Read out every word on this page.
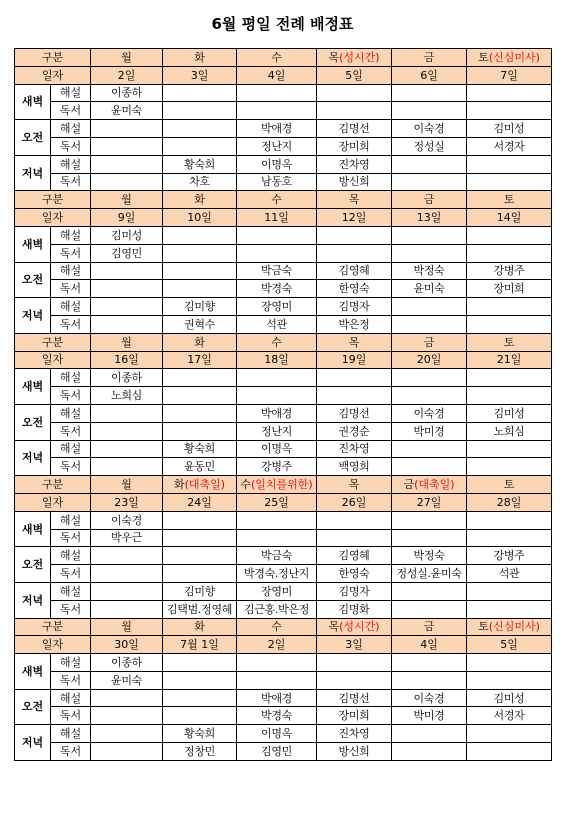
6월 평일 전례 배정표
구분		월	화	수	목(성시간)	금	토(신심미사)
일자		2일	3일	4일	5일	6일	7일
새벽	해설	이종하					
	독서	윤미숙					
오전	해설			박애경	김명선	이숙경	김미성
	독서			정난지	장미희	정성실	서경자
저녁	해설		황숙희	이명옥	진차영		
	독서		차호	남동호	방신희		
구분		월	화	수	목	금	토
일자		9일	10일	11일	12일	13일	14일
새벽	해설	김미성					
	독서	김영민					
오전	해설			박금숙	김영혜	박정숙	강병주
	독서			박경숙	한영숙	윤미숙	장미희
저녁	해설		김미향	장영미	김명자		
	독서		권혁수	석관	박은정		
구분		월	화	수	목	금	토
일자		16일	17일	18일	19일	20일	21일
새벽	해설	이종하					
	독서	노희심					
오전	해설			박애경	김명선	이숙경	김미성
	독서			정난지	권경순	박미경	노희심
저녁	해설		황숙희	이명옥	진차영		
	독서		윤동민	강병주	백영희		
구분		월	화(대축일)	수(일치를위한)	목	금(대축일)	토
일자		23일	24일	25일	26일	27일	28일
새벽	해설	이숙경					
	독서	박우근					
오전	해설			박금숙	김영혜	박정숙	강병주
	독서			박경숙.정난지	한영숙	정성실.윤미숙	석관
저녁	해설		김미향	장영미	김명자		
	독서		김택범.정영혜	김근홍.박은정	김명화		
구분		월	화	수	목(성시간)	금	토(신심미사)
일자		30일	7월 1일	2일	3일	4일	5일
새벽	해설	이종하					
	독서	윤미숙					
오전	해설			박애경	김명선	이숙경	김미성
	독서			박경숙	장미희	박미경	서경자
저녁	해설		황숙희	이명옥	진차영		
	독서		정창민	김영민	방신희		
